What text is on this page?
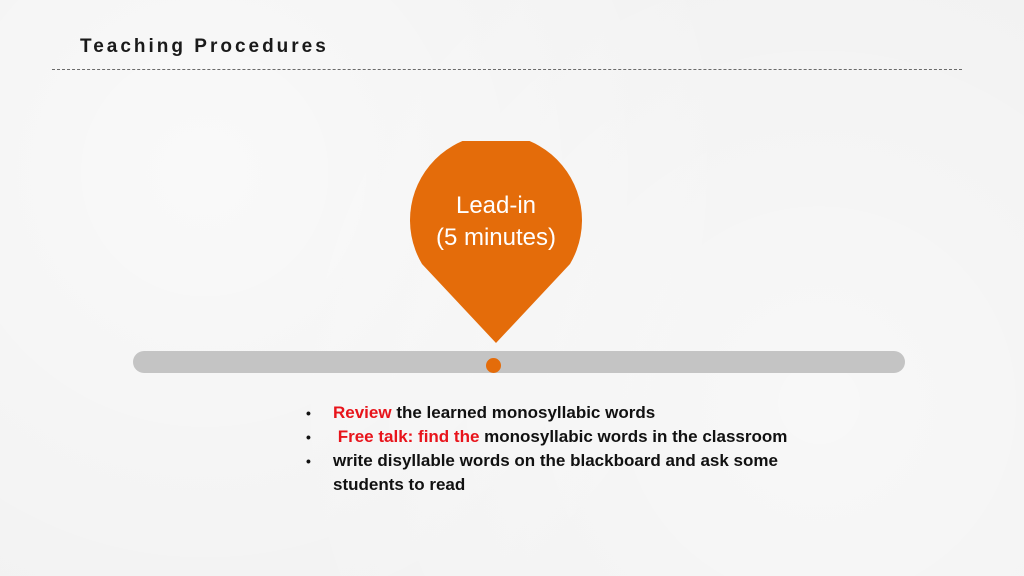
Teaching Procedures
Lead-in
(5 minutes)
• Review the learned monosyllabic words
• Free talk: find the monosyllabic words in the classroom
• write disyllable words on the blackboard and ask some students to read
